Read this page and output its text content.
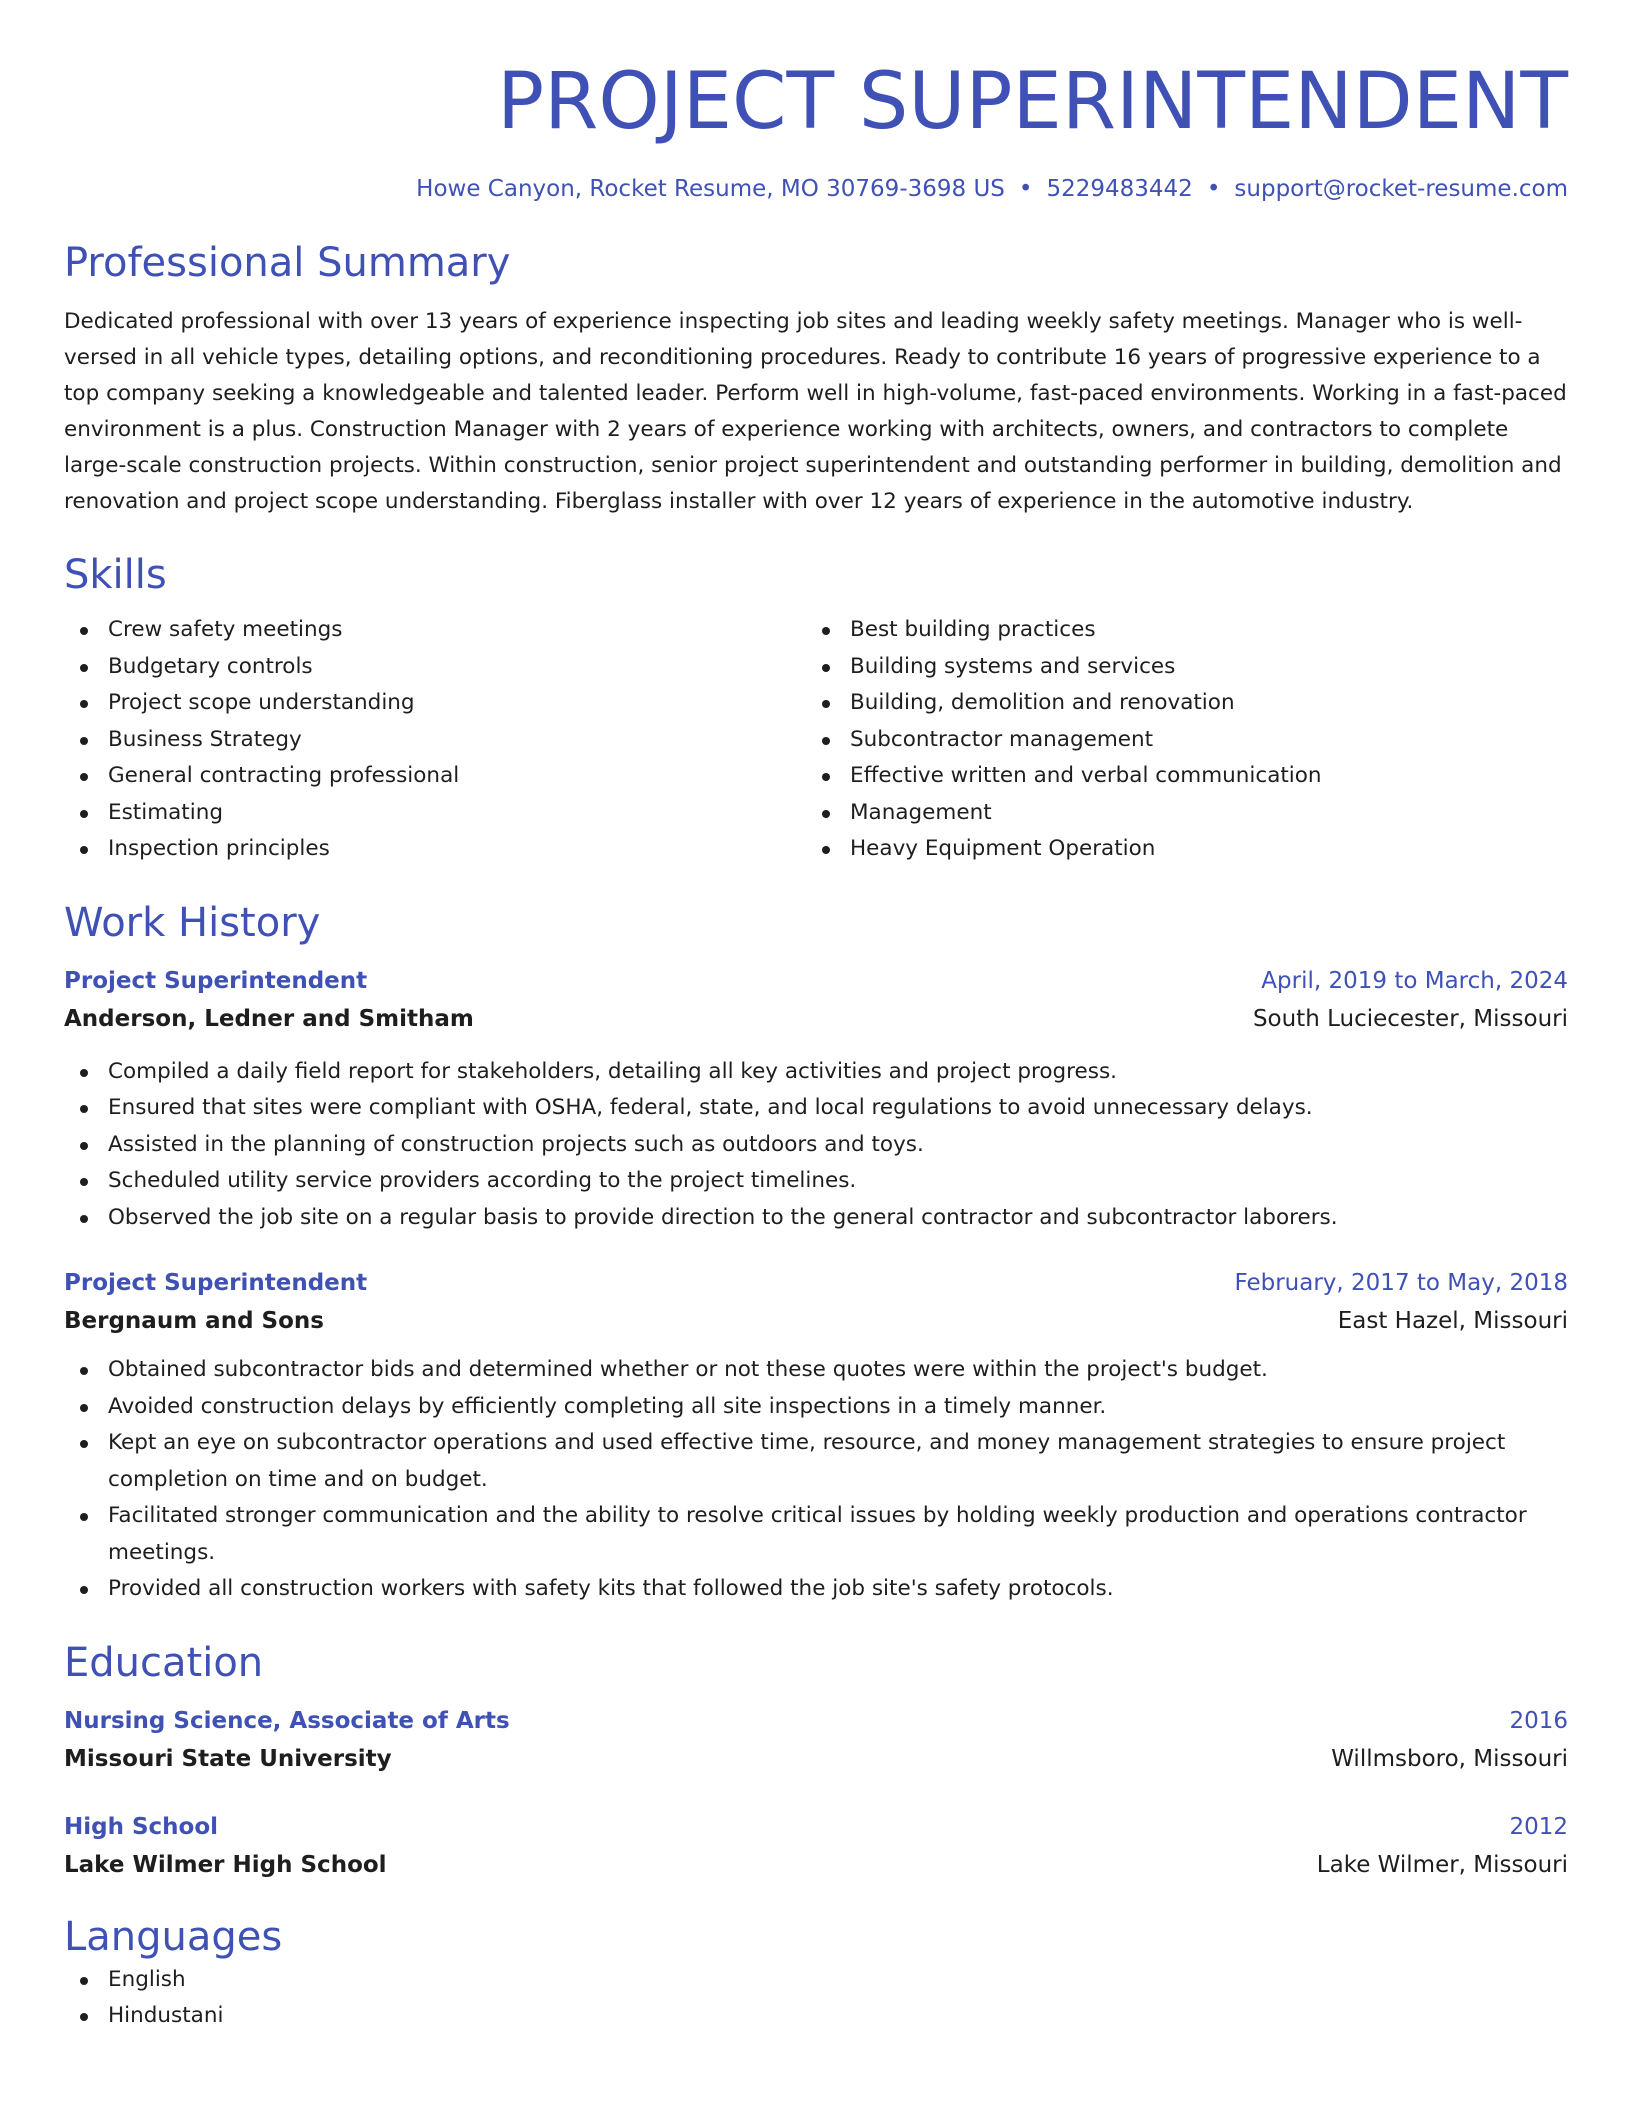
PROJECT SUPERINTENDENT
Howe Canyon, Rocket Resume, MO 30769-3698 US • 5229483442 • support@rocket-resume.com
Professional Summary
Dedicated professional with over 13 years of experience inspecting job sites and leading weekly safety meetings. Manager who is well-versed in all vehicle types, detailing options, and reconditioning procedures. Ready to contribute 16 years of progressive experience to a top company seeking a knowledgeable and talented leader. Perform well in high-volume, fast-paced environments. Working in a fast-paced environment is a plus. Construction Manager with 2 years of experience working with architects, owners, and contractors to complete large-scale construction projects. Within construction, senior project superintendent and outstanding performer in building, demolition and renovation and project scope understanding. Fiberglass installer with over 12 years of experience in the automotive industry.
Skills
Crew safety meetings
Budgetary controls
Project scope understanding
Business Strategy
General contracting professional
Estimating
Inspection principles
Best building practices
Building systems and services
Building, demolition and renovation
Subcontractor management
Effective written and verbal communication
Management
Heavy Equipment Operation
Work History
Project Superintendent	April, 2019 to March, 2024
Anderson, Ledner and Smitham	South Luciecester, Missouri
Compiled a daily field report for stakeholders, detailing all key activities and project progress.
Ensured that sites were compliant with OSHA, federal, state, and local regulations to avoid unnecessary delays.
Assisted in the planning of construction projects such as outdoors and toys.
Scheduled utility service providers according to the project timelines.
Observed the job site on a regular basis to provide direction to the general contractor and subcontractor laborers.
Project Superintendent	February, 2017 to May, 2018
Bergnaum and Sons	East Hazel, Missouri
Obtained subcontractor bids and determined whether or not these quotes were within the project's budget.
Avoided construction delays by efficiently completing all site inspections in a timely manner.
Kept an eye on subcontractor operations and used effective time, resource, and money management strategies to ensure project completion on time and on budget.
Facilitated stronger communication and the ability to resolve critical issues by holding weekly production and operations contractor meetings.
Provided all construction workers with safety kits that followed the job site's safety protocols.
Education
Nursing Science, Associate of Arts	2016
Missouri State University	Willmsboro, Missouri
High School	2012
Lake Wilmer High School	Lake Wilmer, Missouri
Languages
English
Hindustani
